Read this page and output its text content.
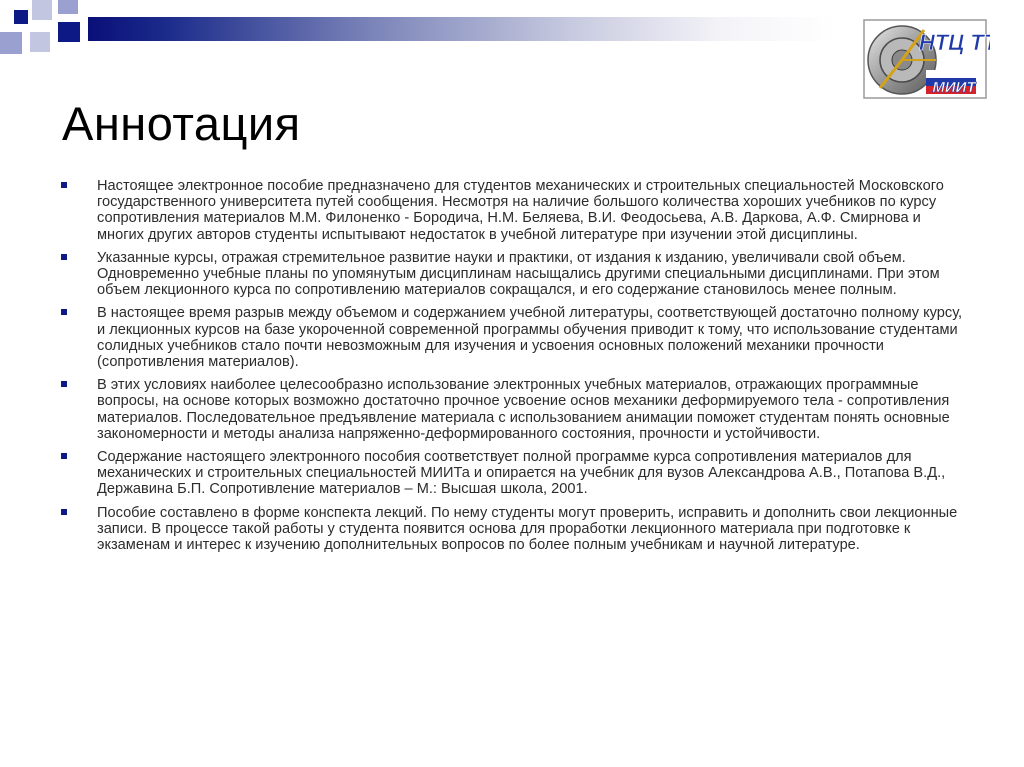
НТЦ ТТ
МИИТ
Аннотация
Настоящее электронное пособие предназначено для студентов механических и строительных специальностей Московского государственного университета путей сообщения. Несмотря на наличие большого количества хороших учебников по курсу сопротивления материалов М.М. Филоненко - Бородича, Н.М. Беляева, В.И. Феодосьева, А.В. Даркова, А.Ф. Смирнова и многих других авторов студенты испытывают недостаток в учебной литературе при изучении этой дисциплины.
Указанные курсы, отражая стремительное развитие науки и практики, от издания к изданию, увеличивали свой объем. Одновременно учебные планы по упомянутым дисциплинам насыщались другими специальными дисциплинами. При этом объем лекционного курса по сопротивлению материалов сокращался, и его содержание становилось менее полным.
В настоящее время разрыв между объемом и содержанием учебной литературы, соответствующей достаточно полному курсу, и лекционных курсов на базе укороченной современной программы обучения приводит к тому, что использование студентами солидных учебников стало почти невозможным для изучения и усвоения основных положений механики прочности (сопротивления материалов).
В этих условиях наиболее целесообразно использование электронных учебных материалов, отражающих программные вопросы, на основе которых возможно достаточно прочное усвоение основ механики деформируемого тела - сопротивления материалов. Последовательное предъявление материала с использованием анимации поможет студентам понять основные закономерности и методы анализа напряженно-деформированного состояния, прочности и устойчивости.
Содержание настоящего электронного пособия соответствует полной программе курса сопротивления материалов для механических и строительных специальностей МИИТа и опирается на учебник для вузов Александрова А.В., Потапова В.Д., Державина Б.П. Сопротивление материалов – М.: Высшая школа, 2001.
Пособие составлено в форме конспекта лекций. По нему студенты могут проверить, исправить и дополнить свои лекционные записи. В процессе такой работы у студента появится основа для проработки лекционного материала при подготовке к экзаменам и интерес к изучению дополнительных вопросов по более полным учебникам и научной литературе.
